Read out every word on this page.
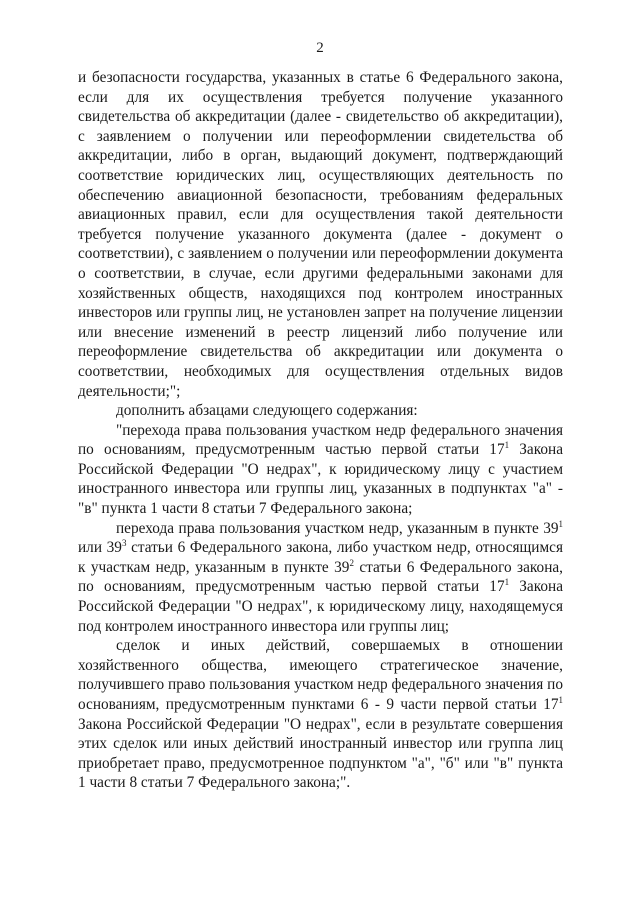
2

и безопасности государства, указанных в статье 6 Федерального закона, если для их осуществления требуется получение указанного свидетельства об аккредитации (далее - свидетельство об аккредитации), с заявлением о получении или переоформлении свидетельства об аккредитации, либо в орган, выдающий документ, подтверждающий соответствие юридических лиц, осуществляющих деятельность по обеспечению авиационной безопасности, требованиям федеральных авиационных правил, если для осуществления такой деятельности требуется получение указанного документа (далее - документ о соответствии), с заявлением о получении или переоформлении документа о соответствии, в случае, если другими федеральными законами для хозяйственных обществ, находящихся под контролем иностранных инвесторов или группы лиц, не установлен запрет на получение лицензии или внесение изменений в реестр лицензий либо получение или переоформление свидетельства об аккредитации или документа о соответствии, необходимых для осуществления отдельных видов деятельности;";

дополнить абзацами следующего содержания:

"перехода права пользования участком недр федерального значения по основаниям, предусмотренным частью первой статьи $17^1$ Закона Российской Федерации "О недрах", к юридическому лицу с участием иностранного инвестора или группы лиц, указанных в подпунктах "а" - "в" пункта 1 части 8 статьи 7 Федерального закона;

перехода права пользования участком недр, указанным в пункте $39^1$ или $39^3$ статьи 6 Федерального закона, либо участком недр, относящимся к участкам недр, указанным в пункте $39^2$ статьи 6 Федерального закона, по основаниям, предусмотренным частью первой статьи $17^1$ Закона Российской Федерации "О недрах", к юридическому лицу, находящемуся под контролем иностранного инвестора или группы лиц;

сделок и иных действий, совершаемых в отношении хозяйственного общества, имеющего стратегическое значение, получившего право пользования участком недр федерального значения по основаниям, предусмотренным пунктами 6 - 9 части первой статьи $17^1$ Закона Российской Федерации "О недрах", если в результате совершения этих сделок или иных действий иностранный инвестор или группа лиц приобретает право, предусмотренное подпунктом "а", "б" или "в" пункта 1 части 8 статьи 7 Федерального закона;".
